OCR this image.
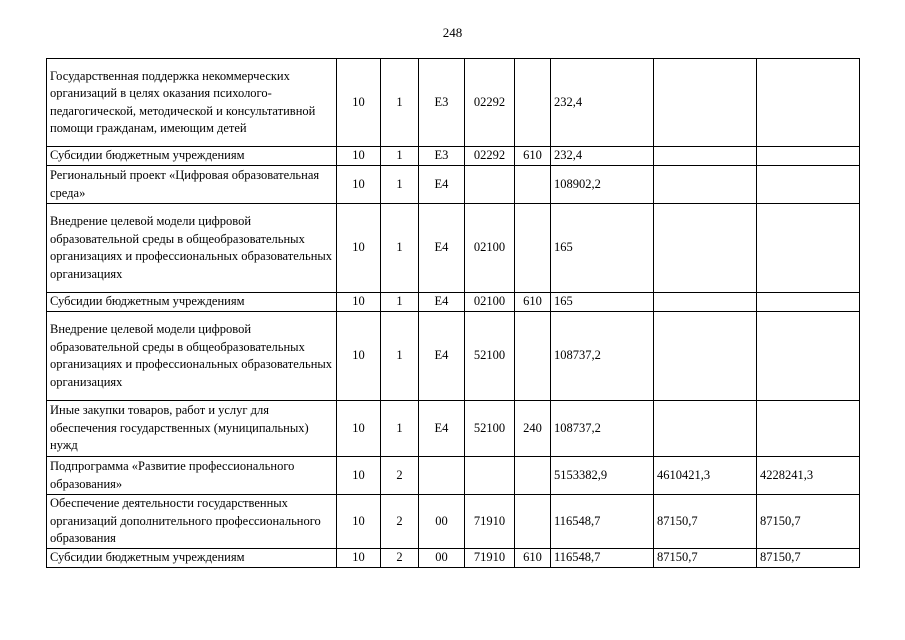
248
Государственная поддержка некоммерческих организаций в целях оказания психолого-педагогической, методической и консультативной помощи гражданам, имеющим детей	10	1	E3	02292		232,4		
Субсидии бюджетным учреждениям	10	1	E3	02292	610	232,4		
Региональный проект «Цифровая образовательная среда»	10	1	E4			108902,2		
Внедрение целевой модели цифровой образовательной среды в общеобразовательных организациях и профессиональных образовательных организациях	10	1	E4	02100		165		
Субсидии бюджетным учреждениям	10	1	E4	02100	610	165		
Внедрение целевой модели цифровой образовательной среды в общеобразовательных организациях и профессиональных образовательных организациях	10	1	E4	52100		108737,2		
Иные закупки товаров, работ и услуг для обеспечения государственных (муниципальных) нужд	10	1	E4	52100	240	108737,2		
Подпрограмма «Развитие профессионального образования»	10	2				5153382,9	4610421,3	4228241,3
Обеспечение деятельности государственных организаций дополнительного профессионального образования	10	2	00	71910		116548,7	87150,7	87150,7
Субсидии бюджетным учреждениям	10	2	00	71910	610	116548,7	87150,7	87150,7
